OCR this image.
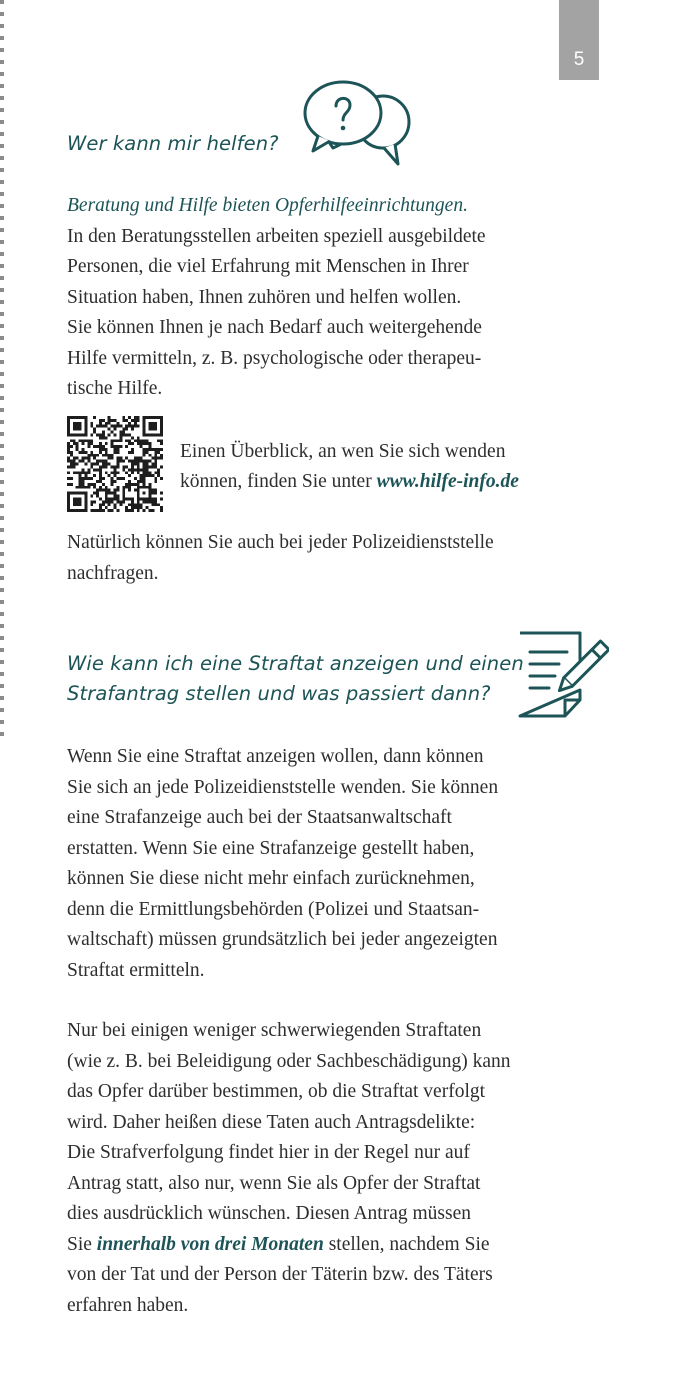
5
Wer kann mir helfen?

Beratung und Hilfe bieten Opferhilfeeinrichtungen.
In den Beratungsstellen arbeiten speziell ausgebildete
Personen, die viel Erfahrung mit Menschen in Ihrer
Situation haben, Ihnen zuhören und helfen wollen.
Sie können Ihnen je nach Bedarf auch weitergehende
Hilfe vermitteln, z. B. psychologische oder therapeu-
tische Hilfe.

Einen Überblick, an wen Sie sich wenden
können, finden Sie unter www.hilfe-info.de

Natürlich können Sie auch bei jeder Polizeidienststelle
nachfragen.

Wie kann ich eine Straftat anzeigen und einen
Strafantrag stellen und was passiert dann?

Wenn Sie eine Straftat anzeigen wollen, dann können
Sie sich an jede Polizeidienststelle wenden. Sie können
eine Strafanzeige auch bei der Staatsanwaltschaft
erstatten. Wenn Sie eine Strafanzeige gestellt haben,
können Sie diese nicht mehr einfach zurücknehmen,
denn die Ermittlungsbehörden (Polizei und Staatsan-
waltschaft) müssen grundsätzlich bei jeder angezeigten
Straftat ermitteln.

Nur bei einigen weniger schwerwiegenden Straftaten
(wie z. B. bei Beleidigung oder Sachbeschädigung) kann
das Opfer darüber bestimmen, ob die Straftat verfolgt
wird. Daher heißen diese Taten auch Antragsdelikte:
Die Strafverfolgung findet hier in der Regel nur auf
Antrag statt, also nur, wenn Sie als Opfer der Straftat
dies ausdrücklich wünschen. Diesen Antrag müssen
Sie innerhalb von drei Monaten stellen, nachdem Sie
von der Tat und der Person der Täterin bzw. des Täters
erfahren haben.
